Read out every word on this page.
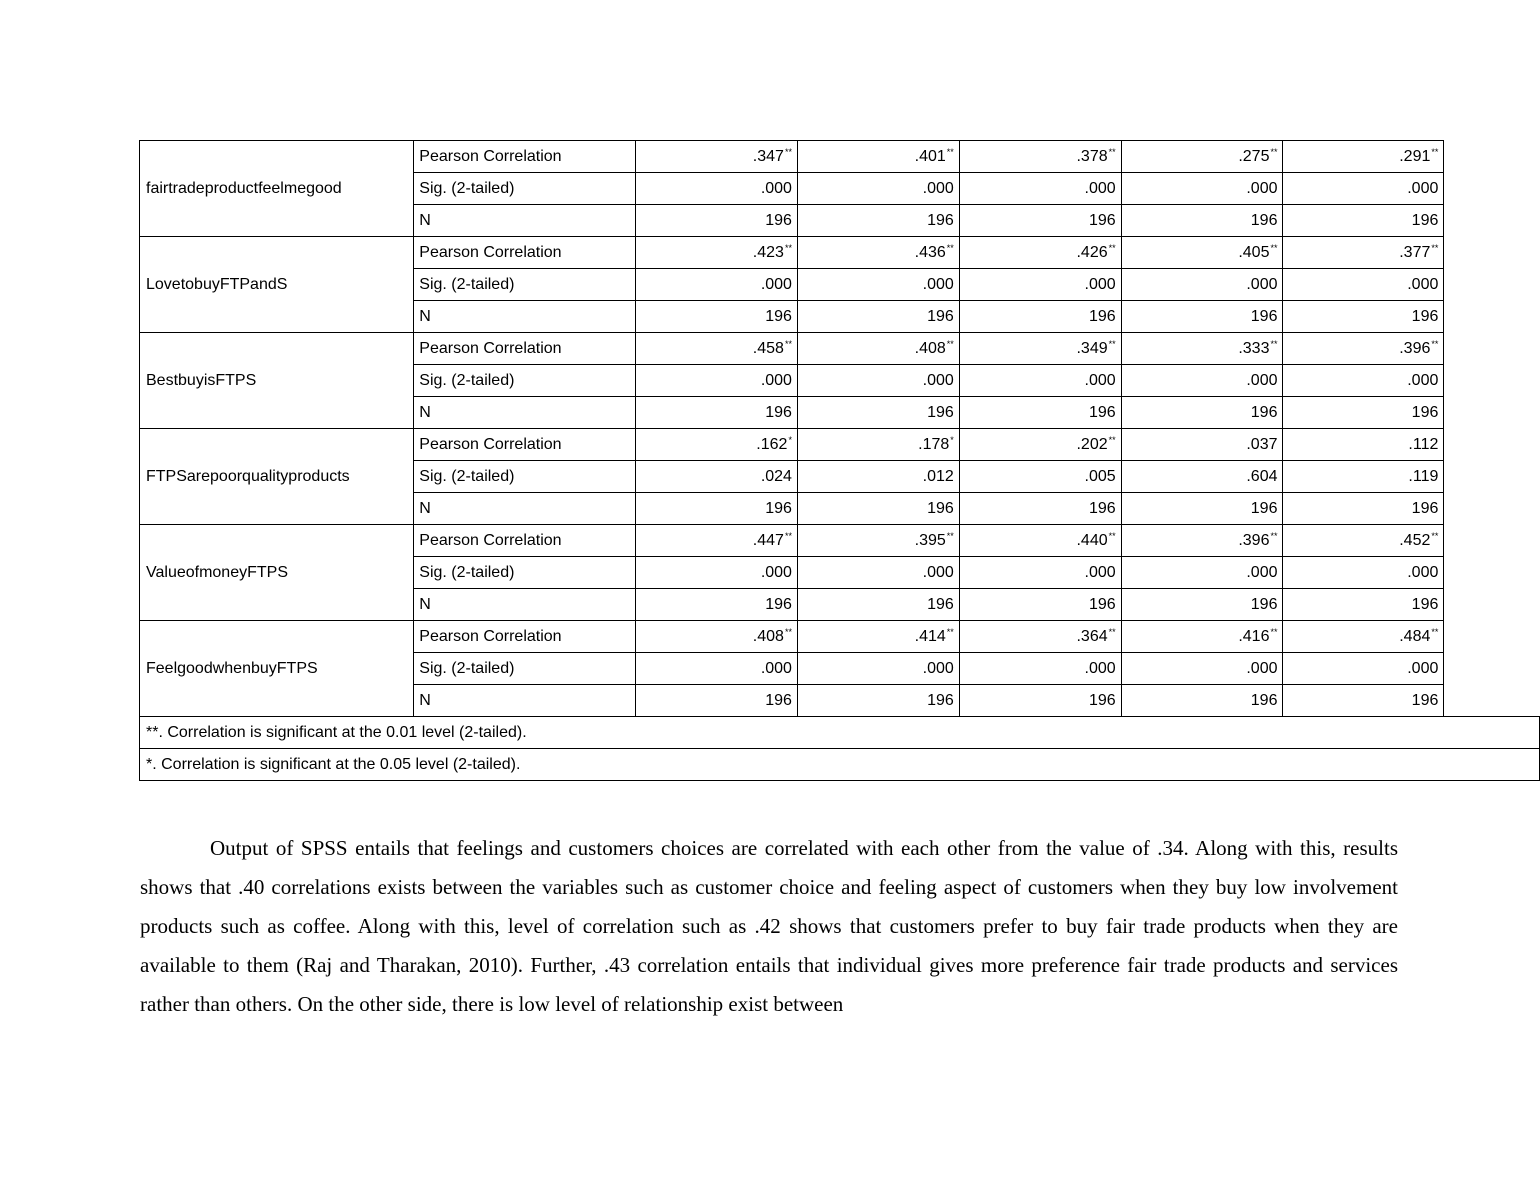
fairtradeproductfeelmegood	Pearson Correlation	.347**	.401**	.378**	.275**	.291**
	Sig. (2-tailed)	.000	.000	.000	.000	.000
	N	196	196	196	196	196
LovetobuyFTPandS	Pearson Correlation	.423**	.436**	.426**	.405**	.377**
	Sig. (2-tailed)	.000	.000	.000	.000	.000
	N	196	196	196	196	196
BestbuyisFTPS	Pearson Correlation	.458**	.408**	.349**	.333**	.396**
	Sig. (2-tailed)	.000	.000	.000	.000	.000
	N	196	196	196	196	196
FTPSarepoorqualityproducts	Pearson Correlation	.162*	.178*	.202**	.037	.112
	Sig. (2-tailed)	.024	.012	.005	.604	.119
	N	196	196	196	196	196
ValueofmoneyFTPS	Pearson Correlation	.447**	.395**	.440**	.396**	.452**
	Sig. (2-tailed)	.000	.000	.000	.000	.000
	N	196	196	196	196	196
FeelgoodwhenbuyFTPS	Pearson Correlation	.408**	.414**	.364**	.416**	.484**
	Sig. (2-tailed)	.000	.000	.000	.000	.000
	N	196	196	196	196	196
**. Correlation is significant at the 0.01 level (2-tailed).						
*. Correlation is significant at the 0.05 level (2-tailed).						

Output of SPSS entails that feelings and customers choices are correlated with each other from the value of .34. Along with this, results shows that .40 correlations exists between the variables such as customer choice and feeling aspect of customers when they buy low involvement products such as coffee. Along with this, level of correlation such as .42 shows that customers prefer to buy fair trade products when they are available to them (Raj and Tharakan, 2010). Further, .43 correlation entails that individual gives more preference fair trade products and services rather than others. On the other side, there is low level of relationship exist between
